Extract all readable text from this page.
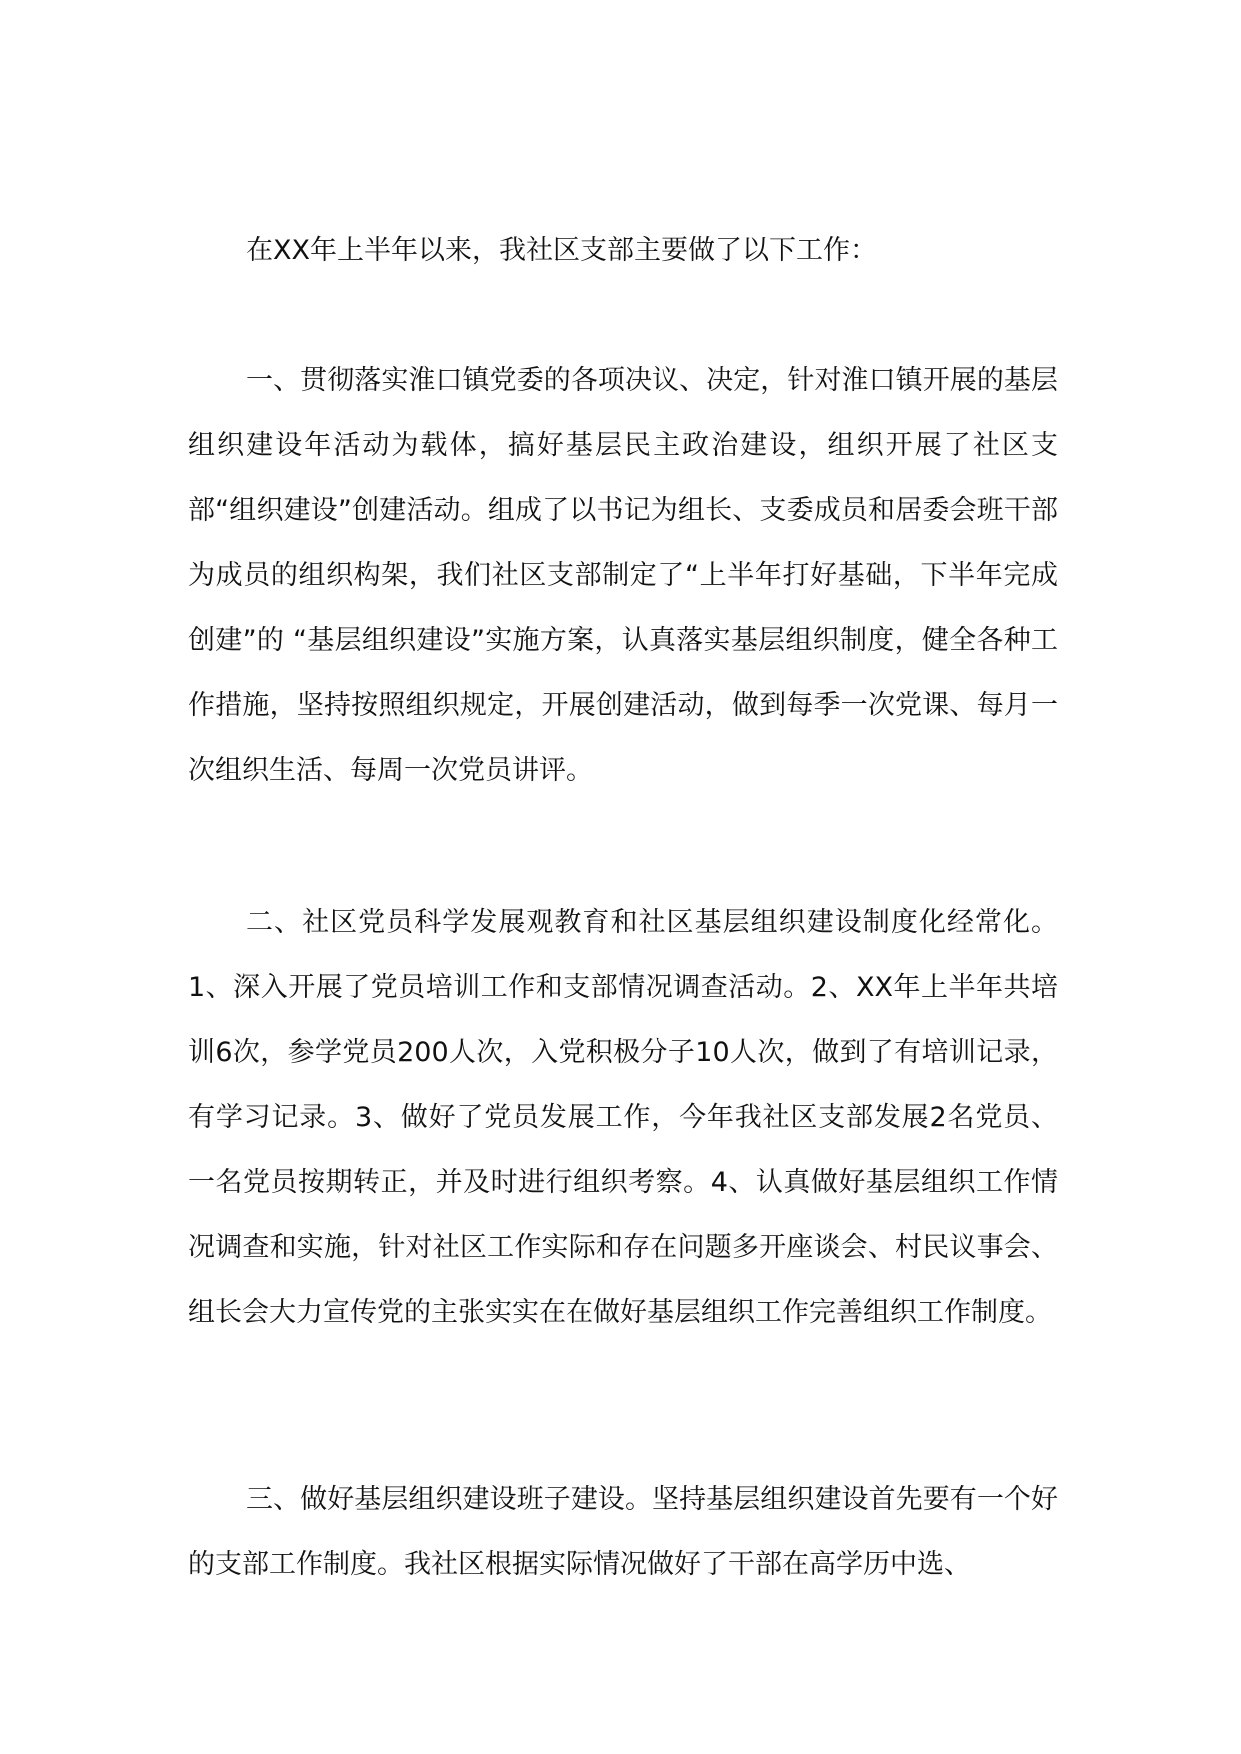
在XX年上半年以来，我社区支部主要做了以下工作：

一、贯彻落实淮口镇党委的各项决议、决定，针对淮口镇开展的基层组织建设年活动为载体，搞好基层民主政治建设，组织开展了社区支部“组织建设”创建活动。组成了以书记为组长、支委成员和居委会班干部为成员的组织构架，我们社区支部制定了“上半年打好基础，下半年完成创建”的 “基层组织建设”实施方案，认真落实基层组织制度，健全各种工作措施，坚持按照组织规定，开展创建活动，做到每季一次党课、每月一次组织生活、每周一次党员讲评。

二、社区党员科学发展观教育和社区基层组织建设制度化经常化。1、深入开展了党员培训工作和支部情况调查活动。2、XX年上半年共培训6次，参学党员200人次，入党积极分子10人次，做到了有培训记录，有学习记录。3、做好了党员发展工作，今年我社区支部发展2名党员、一名党员按期转正，并及时进行组织考察。4、认真做好基层组织工作情况调查和实施，针对社区工作实际和存在问题多开座谈会、村民议事会、组长会大力宣传党的主张实实在在做好基层组织工作完善组织工作制度。

三、做好基层组织建设班子建设。坚持基层组织建设首先要有一个好的支部工作制度。我社区根据实际情况做好了干部在高学历中选、
